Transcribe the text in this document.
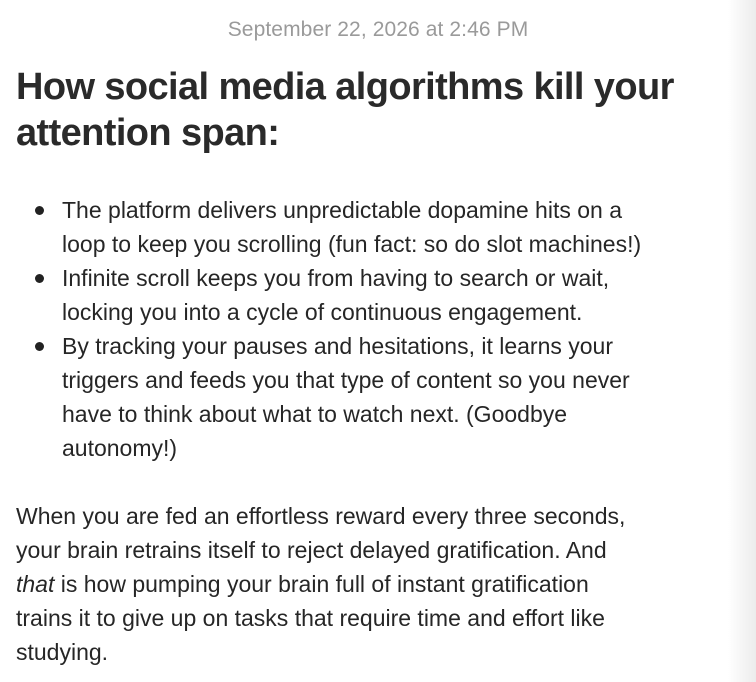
September 22, 2026 at 2:46 PM
How social media algorithms kill your
attention span:
The platform delivers unpredictable dopamine hits on a
loop to keep you scrolling (fun fact: so do slot machines!)
Infinite scroll keeps you from having to search or wait,
locking you into a cycle of continuous engagement.
By tracking your pauses and hesitations, it learns your
triggers and feeds you that type of content so you never
have to think about what to watch next. (Goodbye
autonomy!)

When you are fed an effortless reward every three seconds,
your brain retrains itself to reject delayed gratification. And
that is how pumping your brain full of instant gratification
trains it to give up on tasks that require time and effort like
studying.
